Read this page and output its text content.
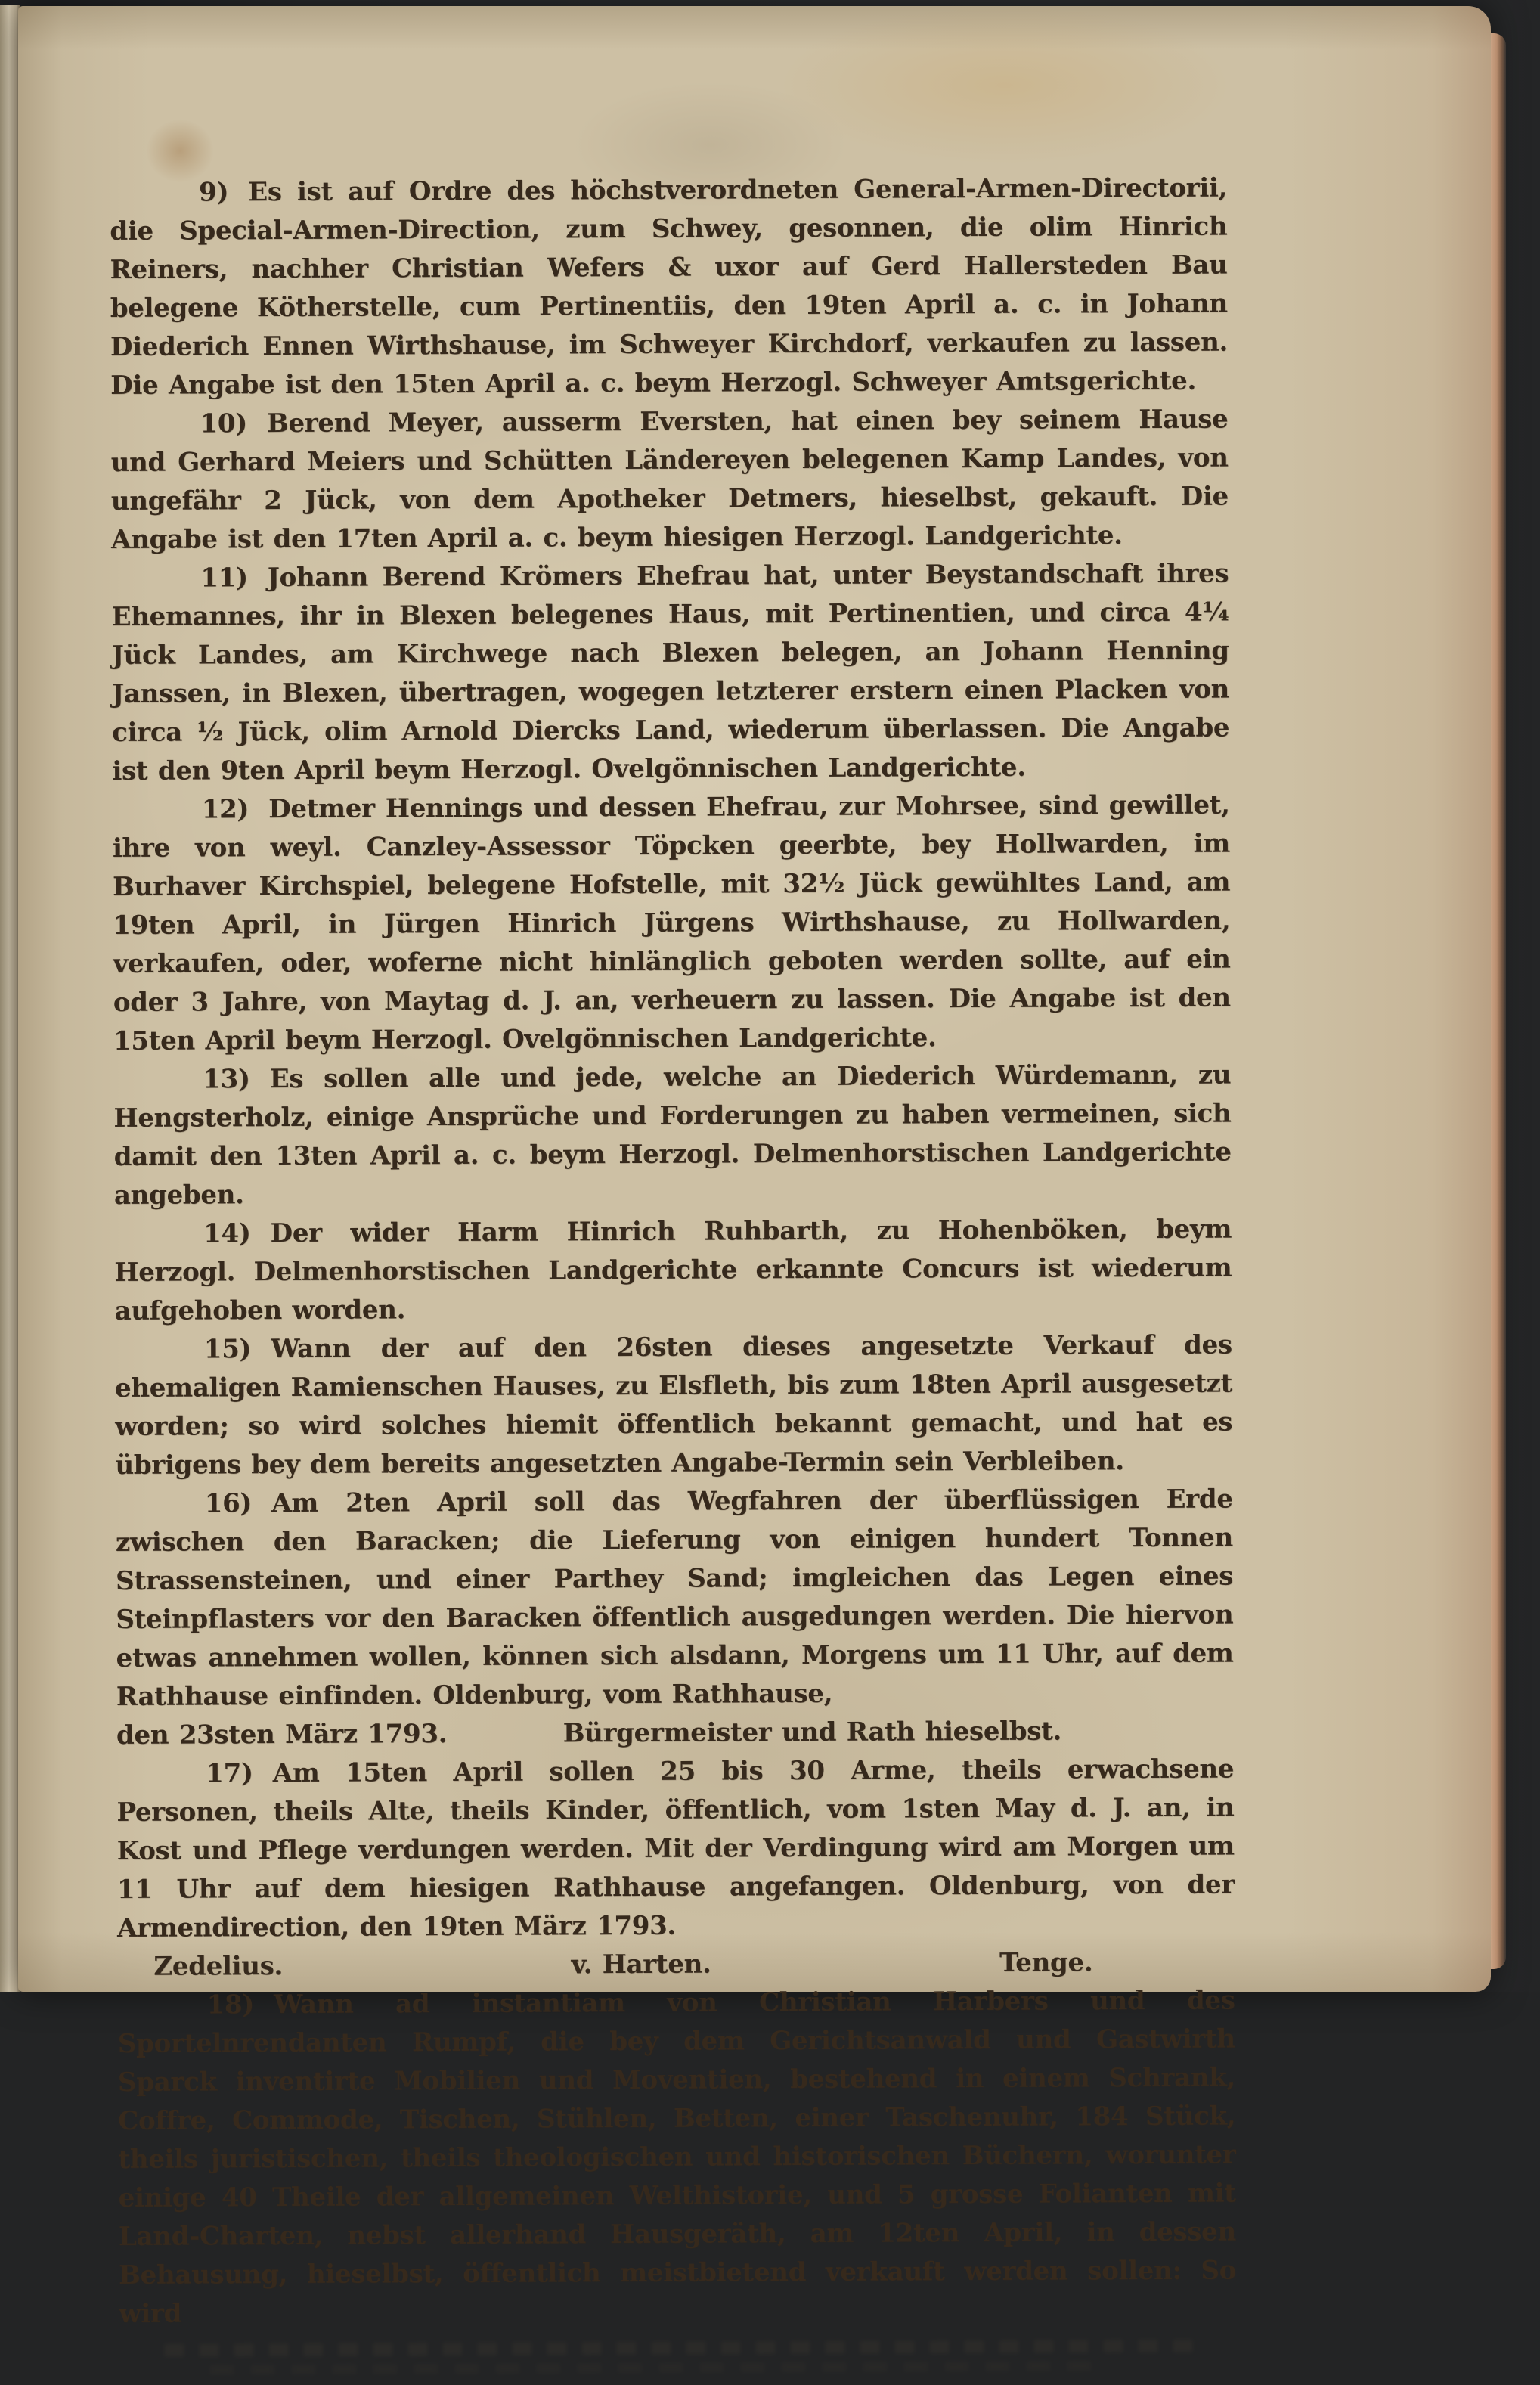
9) Es ist auf Ordre des höchstverordneten General-Armen-Directorii, die Special-Armen-Direction, zum Schwey, gesonnen, die olim Hinrich Reiners, nachher Christian Wefers & uxor auf Gerd Hallersteden Bau belegene Kötherstelle, cum Pertinentiis, den 19ten April a. c. in Johann Diederich Ennen Wirthshause, im Schweyer Kirchdorf, verkaufen zu lassen. Die Angabe ist den 15ten April a. c. beym Herzogl. Schweyer Amtsgerichte.

10) Berend Meyer, ausserm Eversten, hat einen bey seinem Hause und Gerhard Meiers und Schütten Ländereyen belegenen Kamp Landes, von ungefähr 2 Jück, von dem Apotheker Detmers, hieselbst, gekauft. Die Angabe ist den 17ten April a. c. beym hiesigen Herzogl. Landgerichte.

11) Johann Berend Krömers Ehefrau hat, unter Beystandschaft ihres Ehemannes, ihr in Blexen belegenes Haus, mit Pertinentien, und circa 4¼ Jück Landes, am Kirchwege nach Blexen belegen, an Johann Henning Janssen, in Blexen, übertragen, wogegen letzterer erstern einen Placken von circa ½ Jück, olim Arnold Diercks Land, wiederum überlassen. Die Angabe ist den 9ten April beym Herzogl. Ovelgönnischen Landgerichte.

12) Detmer Hennings und dessen Ehefrau, zur Mohrsee, sind gewillet, ihre von weyl. Canzley-Assessor Töpcken geerbte, bey Hollwarden, im Burhaver Kirchspiel, belegene Hofstelle, mit 32½ Jück gewühltes Land, am 19ten April, in Jürgen Hinrich Jürgens Wirthshause, zu Hollwarden, verkaufen, oder, woferne nicht hinlänglich geboten werden sollte, auf ein oder 3 Jahre, von Maytag d. J. an, verheuern zu lassen. Die Angabe ist den 15ten April beym Herzogl. Ovelgönnischen Landgerichte.

13) Es sollen alle und jede, welche an Diederich Würdemann, zu Hengsterholz, einige Ansprüche und Forderungen zu haben vermeinen, sich damit den 13ten April a. c. beym Herzogl. Delmenhorstischen Landgerichte angeben.

14) Der wider Harm Hinrich Ruhbarth, zu Hohenböken, beym Herzogl. Delmenhorstischen Landgerichte erkannte Concurs ist wiederum aufgehoben worden.

15) Wann der auf den 26sten dieses angesetzte Verkauf des ehemaligen Ramienschen Hauses, zu Elsfleth, bis zum 18ten April ausgesetzt worden; so wird solches hiemit öffentlich bekannt gemacht, und hat es übrigens bey dem bereits angesetzten Angabe-Termin sein Verbleiben.

16) Am 2ten April soll das Wegfahren der überflüssigen Erde zwischen den Baracken; die Lieferung von einigen hundert Tonnen Strassensteinen, und einer Parthey Sand; imgleichen das Legen eines Steinpflasters vor den Baracken öffentlich ausgedungen werden. Die hiervon etwas annehmen wollen, können sich alsdann, Morgens um 11 Uhr, auf dem Rathhause einfinden. Oldenburg, vom Rathhause,

den 23sten März 1793.	Bürgermeister und Rath hieselbst.

17) Am 15ten April sollen 25 bis 30 Arme, theils erwachsene Personen, theils Alte, theils Kinder, öffentlich, vom 1sten May d. J. an, in Kost und Pflege verdungen werden. Mit der Verdingung wird am Morgen um 11 Uhr auf dem hiesigen Rathhause angefangen. Oldenburg, von der Armendirection, den 19ten März 1793.

Zedelius.	v. Harten.	Tenge.

18) Wann ad instantiam von Christian Harbers und des Sportelnrendanten Rumpf, die bey dem Gerichtsanwald und Gastwirth Sparck inventirte Mobilien und Moventien, bestehend in einem Schrank, Coffre, Commode, Tischen, Stühlen, Betten, einer Taschenuhr, 184 Stück, theils juristischen, theils theologischen und historischen Büchern, worunter einige 40 Theile der allgemeinen Welthistorie, und 5 grosse Folianten mit Land-Charten, nebst allerhand Hausgeräth, am 12ten April, in dessen Behausung, hieselbst, öffentlich meistbietend verkauft werden sollen: So wird
